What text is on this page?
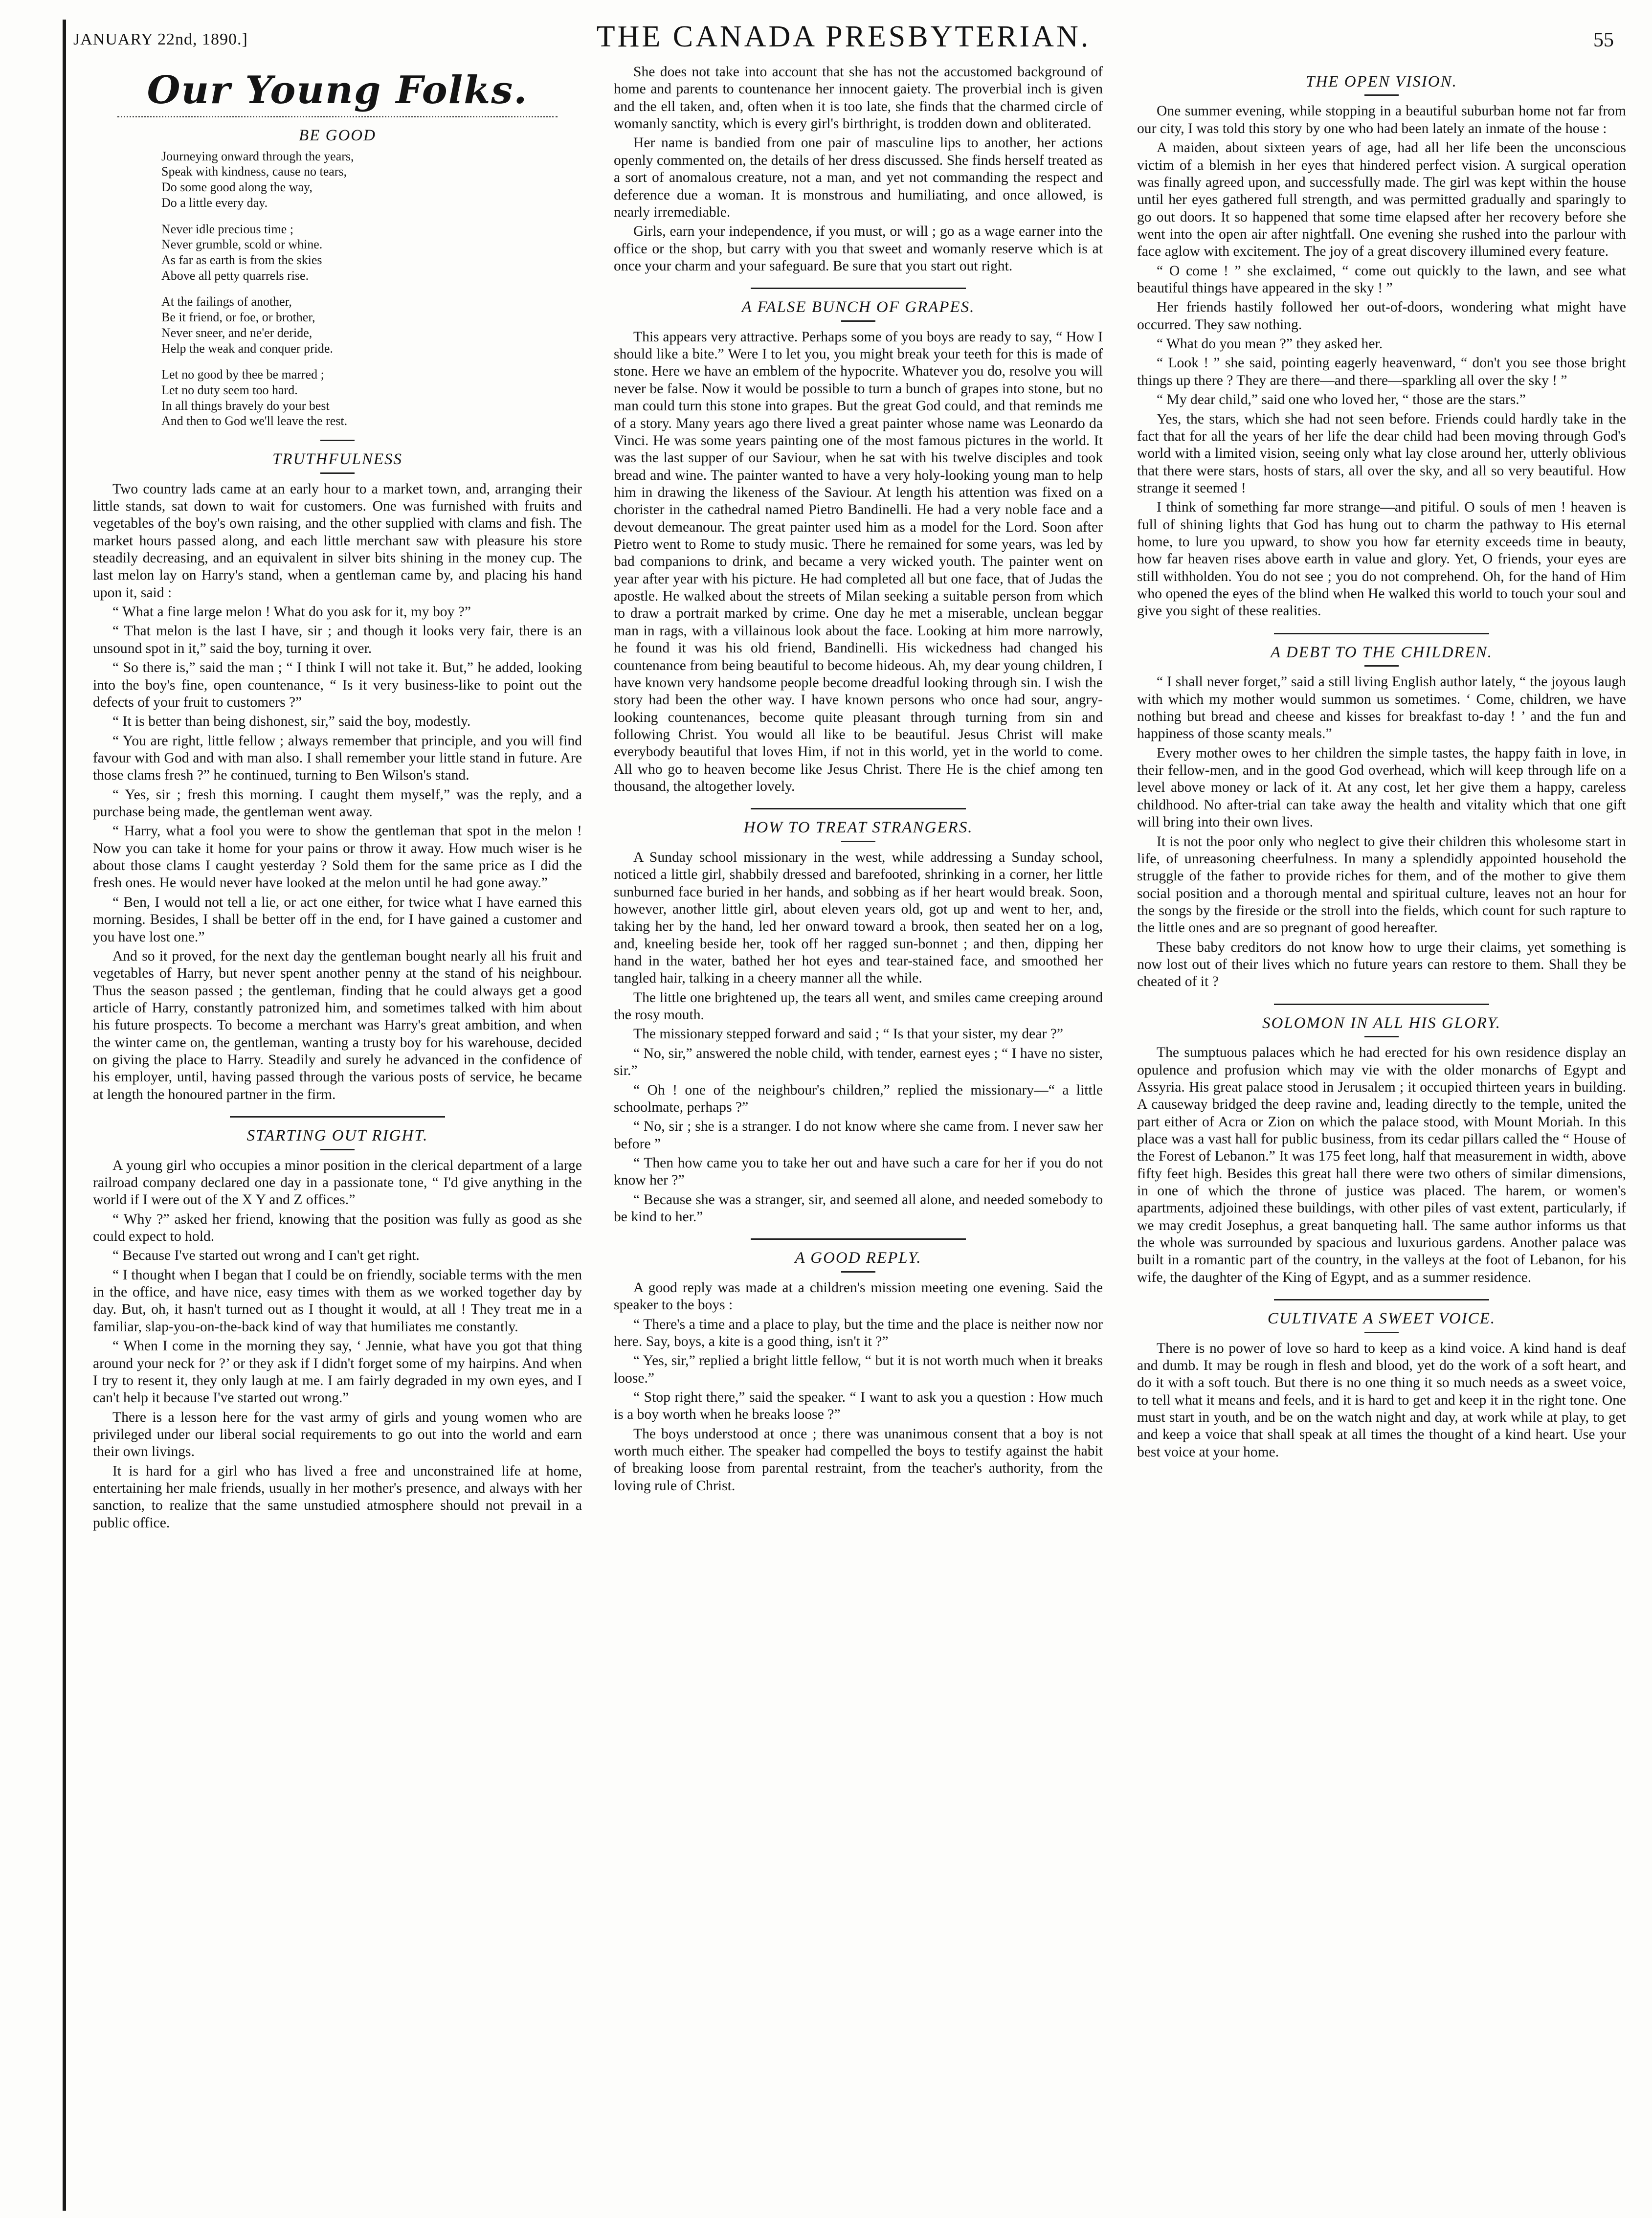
JANUARY 22nd, 1890.]	THE CANADA PRESBYTERIAN.	55
Our Young Folks.
BE GOOD
Journeying onward through the years,
Speak with kindness, cause no tears,
Do some good along the way,
Do a little every day.
Never idle precious time ;
Never grumble, scold or whine.
As far as earth is from the skies
Above all petty quarrels rise.
At the failings of another,
Be it friend, or foe, or brother,
Never sneer, and ne'er deride,
Help the weak and conquer pride.
Let no good by thee be marred ;
Let no duty seem too hard.
In all things bravely do your best
And then to God we'll leave the rest.
TRUTHFULNESS

Two country lads came at an early hour to a market town, and, arranging their little stands, sat down to wait for customers. One was furnished with fruits and vegetables of the boy's own raising, and the other supplied with clams and fish. The market hours passed along, and each little merchant saw with pleasure his store steadily decreasing, and an equivalent in silver bits shining in the money cup. The last melon lay on Harry's stand, when a gentleman came by, and placing his hand upon it, said :

“ What a fine large melon ! What do you ask for it, my boy ?”

“ That melon is the last I have, sir ; and though it looks very fair, there is an unsound spot in it,” said the boy, turning it over.

“ So there is,” said the man ; “ I think I will not take it. But,” he added, looking into the boy's fine, open countenance, “ Is it very business-like to point out the defects of your fruit to customers ?”

“ It is better than being dishonest, sir,” said the boy, modestly.

“ You are right, little fellow ; always remember that principle, and you will find favour with God and with man also. I shall remember your little stand in future. Are those clams fresh ?” he continued, turning to Ben Wilson's stand.

“ Yes, sir ; fresh this morning. I caught them myself,” was the reply, and a purchase being made, the gentleman went away.

“ Harry, what a fool you were to show the gentleman that spot in the melon ! Now you can take it home for your pains or throw it away. How much wiser is he about those clams I caught yesterday ? Sold them for the same price as I did the fresh ones. He would never have looked at the melon until he had gone away.”

“ Ben, I would not tell a lie, or act one either, for twice what I have earned this morning. Besides, I shall be better off in the end, for I have gained a customer and you have lost one.”

And so it proved, for the next day the gentleman bought nearly all his fruit and vegetables of Harry, but never spent another penny at the stand of his neighbour. Thus the season passed ; the gentleman, finding that he could always get a good article of Harry, constantly patronized him, and sometimes talked with him about his future prospects. To become a merchant was Harry's great ambition, and when the winter came on, the gentleman, wanting a trusty boy for his warehouse, decided on giving the place to Harry. Steadily and surely he advanced in the confidence of his employer, until, having passed through the various posts of service, he became at length the honoured partner in the firm.

STARTING OUT RIGHT.

A young girl who occupies a minor position in the clerical department of a large railroad company declared one day in a passionate tone, “ I'd give anything in the world if I were out of the X Y and Z offices.”

“ Why ?” asked her friend, knowing that the position was fully as good as she could expect to hold.

“ Because I've started out wrong and I can't get right.

“ I thought when I began that I could be on friendly, sociable terms with the men in the office, and have nice, easy times with them as we worked together day by day. But, oh, it hasn't turned out as I thought it would, at all ! They treat me in a familiar, slap-you-on-the-back kind of way that humiliates me constantly.

“ When I come in the morning they say, ‘ Jennie, what have you got that thing around your neck for ?’ or they ask if I didn't forget some of my hairpins. And when I try to resent it, they only laugh at me. I am fairly degraded in my own eyes, and I can't help it because I've started out wrong.”

There is a lesson here for the vast army of girls and young women who are privileged under our liberal social requirements to go out into the world and earn their own livings.

It is hard for a girl who has lived a free and unconstrained life at home, entertaining her male friends, usually in her mother's presence, and always with her sanction, to realize that the same unstudied atmosphere should not prevail in a public office.

She does not take into account that she has not the accustomed background of home and parents to countenance her innocent gaiety. The proverbial inch is given and the ell taken, and, often when it is too late, she finds that the charmed circle of womanly sanctity, which is every girl's birthright, is trodden down and obliterated.

Her name is bandied from one pair of masculine lips to another, her actions openly commented on, the details of her dress discussed. She finds herself treated as a sort of anomalous creature, not a man, and yet not commanding the respect and deference due a woman. It is monstrous and humiliating, and once allowed, is nearly irremediable.

Girls, earn your independence, if you must, or will ; go as a wage earner into the office or the shop, but carry with you that sweet and womanly reserve which is at once your charm and your safeguard. Be sure that you start out right.

A FALSE BUNCH OF GRAPES.

This appears very attractive. Perhaps some of you boys are ready to say, “ How I should like a bite.” Were I to let you, you might break your teeth for this is made of stone. Here we have an emblem of the hypocrite. Whatever you do, resolve you will never be false. Now it would be possible to turn a bunch of grapes into stone, but no man could turn this stone into grapes. But the great God could, and that reminds me of a story. Many years ago there lived a great painter whose name was Leonardo da Vinci. He was some years painting one of the most famous pictures in the world. It was the last supper of our Saviour, when he sat with his twelve disciples and took bread and wine. The painter wanted to have a very holy-looking young man to help him in drawing the likeness of the Saviour. At length his attention was fixed on a chorister in the cathedral named Pietro Bandinelli. He had a very noble face and a devout demeanour. The great painter used him as a model for the Lord. Soon after Pietro went to Rome to study music. There he remained for some years, was led by bad companions to drink, and became a very wicked youth. The painter went on year after year with his picture. He had completed all but one face, that of Judas the apostle. He walked about the streets of Milan seeking a suitable person from which to draw a portrait marked by crime. One day he met a miserable, unclean beggar man in rags, with a villainous look about the face. Looking at him more narrowly, he found it was his old friend, Bandinelli. His wickedness had changed his countenance from being beautiful to become hideous. Ah, my dear young children, I have known very handsome people become dreadful looking through sin. I wish the story had been the other way. I have known persons who once had sour, angry-looking countenances, become quite pleasant through turning from sin and following Christ. You would all like to be beautiful. Jesus Christ will make everybody beautiful that loves Him, if not in this world, yet in the world to come. All who go to heaven become like Jesus Christ. There He is the chief among ten thousand, the altogether lovely.

HOW TO TREAT STRANGERS.

A Sunday school missionary in the west, while addressing a Sunday school, noticed a little girl, shabbily dressed and barefooted, shrinking in a corner, her little sunburned face buried in her hands, and sobbing as if her heart would break. Soon, however, another little girl, about eleven years old, got up and went to her, and, taking her by the hand, led her onward toward a brook, then seated her on a log, and, kneeling beside her, took off her ragged sun-bonnet ; and then, dipping her hand in the water, bathed her hot eyes and tear-stained face, and smoothed her tangled hair, talking in a cheery manner all the while.

The little one brightened up, the tears all went, and smiles came creeping around the rosy mouth.

The missionary stepped forward and said ; “ Is that your sister, my dear ?”

“ No, sir,” answered the noble child, with tender, earnest eyes ; “ I have no sister, sir.”

“ Oh ! one of the neighbour's children,” replied the missionary—“ a little schoolmate, perhaps ?”

“ No, sir ; she is a stranger. I do not know where she came from. I never saw her before ”

“ Then how came you to take her out and have such a care for her if you do not know her ?”

“ Because she was a stranger, sir, and seemed all alone, and needed somebody to be kind to her.”

A GOOD REPLY.

A good reply was made at a children's mission meeting one evening. Said the speaker to the boys :

“ There's a time and a place to play, but the time and the place is neither now nor here. Say, boys, a kite is a good thing, isn't it ?”

“ Yes, sir,” replied a bright little fellow, “ but it is not worth much when it breaks loose.”

“ Stop right there,” said the speaker. “ I want to ask you a question : How much is a boy worth when he breaks loose ?”

The boys understood at once ; there was unanimous consent that a boy is not worth much either. The speaker had compelled the boys to testify against the habit of breaking loose from parental restraint, from the teacher's authority, from the loving rule of Christ.

THE OPEN VISION.

One summer evening, while stopping in a beautiful suburban home not far from our city, I was told this story by one who had been lately an inmate of the house :

A maiden, about sixteen years of age, had all her life been the unconscious victim of a blemish in her eyes that hindered perfect vision. A surgical operation was finally agreed upon, and successfully made. The girl was kept within the house until her eyes gathered full strength, and was permitted gradually and sparingly to go out doors. It so happened that some time elapsed after her recovery before she went into the open air after nightfall. One evening she rushed into the parlour with face aglow with excitement. The joy of a great discovery illumined every feature.

“ O come ! ” she exclaimed, “ come out quickly to the lawn, and see what beautiful things have appeared in the sky ! ”

Her friends hastily followed her out-of-doors, wondering what might have occurred. They saw nothing.

“ What do you mean ?” they asked her.

“ Look ! ” she said, pointing eagerly heavenward, “ don't you see those bright things up there ? They are there—and there—sparkling all over the sky ! ”

“ My dear child,” said one who loved her, “ those are the stars.”

Yes, the stars, which she had not seen before. Friends could hardly take in the fact that for all the years of her life the dear child had been moving through God's world with a limited vision, seeing only what lay close around her, utterly oblivious that there were stars, hosts of stars, all over the sky, and all so very beautiful. How strange it seemed !

I think of something far more strange—and pitiful. O souls of men ! heaven is full of shining lights that God has hung out to charm the pathway to His eternal home, to lure you upward, to show you how far eternity exceeds time in beauty, how far heaven rises above earth in value and glory. Yet, O friends, your eyes are still withholden. You do not see ; you do not comprehend. Oh, for the hand of Him who opened the eyes of the blind when He walked this world to touch your soul and give you sight of these realities.

A DEBT TO THE CHILDREN.

“ I shall never forget,” said a still living English author lately, “ the joyous laugh with which my mother would summon us sometimes. ‘ Come, children, we have nothing but bread and cheese and kisses for breakfast to-day ! ’ and the fun and happiness of those scanty meals.”

Every mother owes to her children the simple tastes, the happy faith in love, in their fellow-men, and in the good God overhead, which will keep through life on a level above money or lack of it. At any cost, let her give them a happy, careless childhood. No after-trial can take away the health and vitality which that one gift will bring into their own lives.

It is not the poor only who neglect to give their children this wholesome start in life, of unreasoning cheerfulness. In many a splendidly appointed household the struggle of the father to provide riches for them, and of the mother to give them social position and a thorough mental and spiritual culture, leaves not an hour for the songs by the fireside or the stroll into the fields, which count for such rapture to the little ones and are so pregnant of good hereafter.

These baby creditors do not know how to urge their claims, yet something is now lost out of their lives which no future years can restore to them. Shall they be cheated of it ?

SOLOMON IN ALL HIS GLORY.

The sumptuous palaces which he had erected for his own residence display an opulence and profusion which may vie with the older monarchs of Egypt and Assyria. His great palace stood in Jerusalem ; it occupied thirteen years in building. A causeway bridged the deep ravine and, leading directly to the temple, united the part either of Acra or Zion on which the palace stood, with Mount Moriah. In this place was a vast hall for public business, from its cedar pillars called the “ House of the Forest of Lebanon.” It was 175 feet long, half that measurement in width, above fifty feet high. Besides this great hall there were two others of similar dimensions, in one of which the throne of justice was placed. The harem, or women's apartments, adjoined these buildings, with other piles of vast extent, particularly, if we may credit Josephus, a great banqueting hall. The same author informs us that the whole was surrounded by spacious and luxurious gardens. Another palace was built in a romantic part of the country, in the valleys at the foot of Lebanon, for his wife, the daughter of the King of Egypt, and as a summer residence.

CULTIVATE A SWEET VOICE.

There is no power of love so hard to keep as a kind voice. A kind hand is deaf and dumb. It may be rough in flesh and blood, yet do the work of a soft heart, and do it with a soft touch. But there is no one thing it so much needs as a sweet voice, to tell what it means and feels, and it is hard to get and keep it in the right tone. One must start in youth, and be on the watch night and day, at work while at play, to get and keep a voice that shall speak at all times the thought of a kind heart. Use your best voice at your home.
